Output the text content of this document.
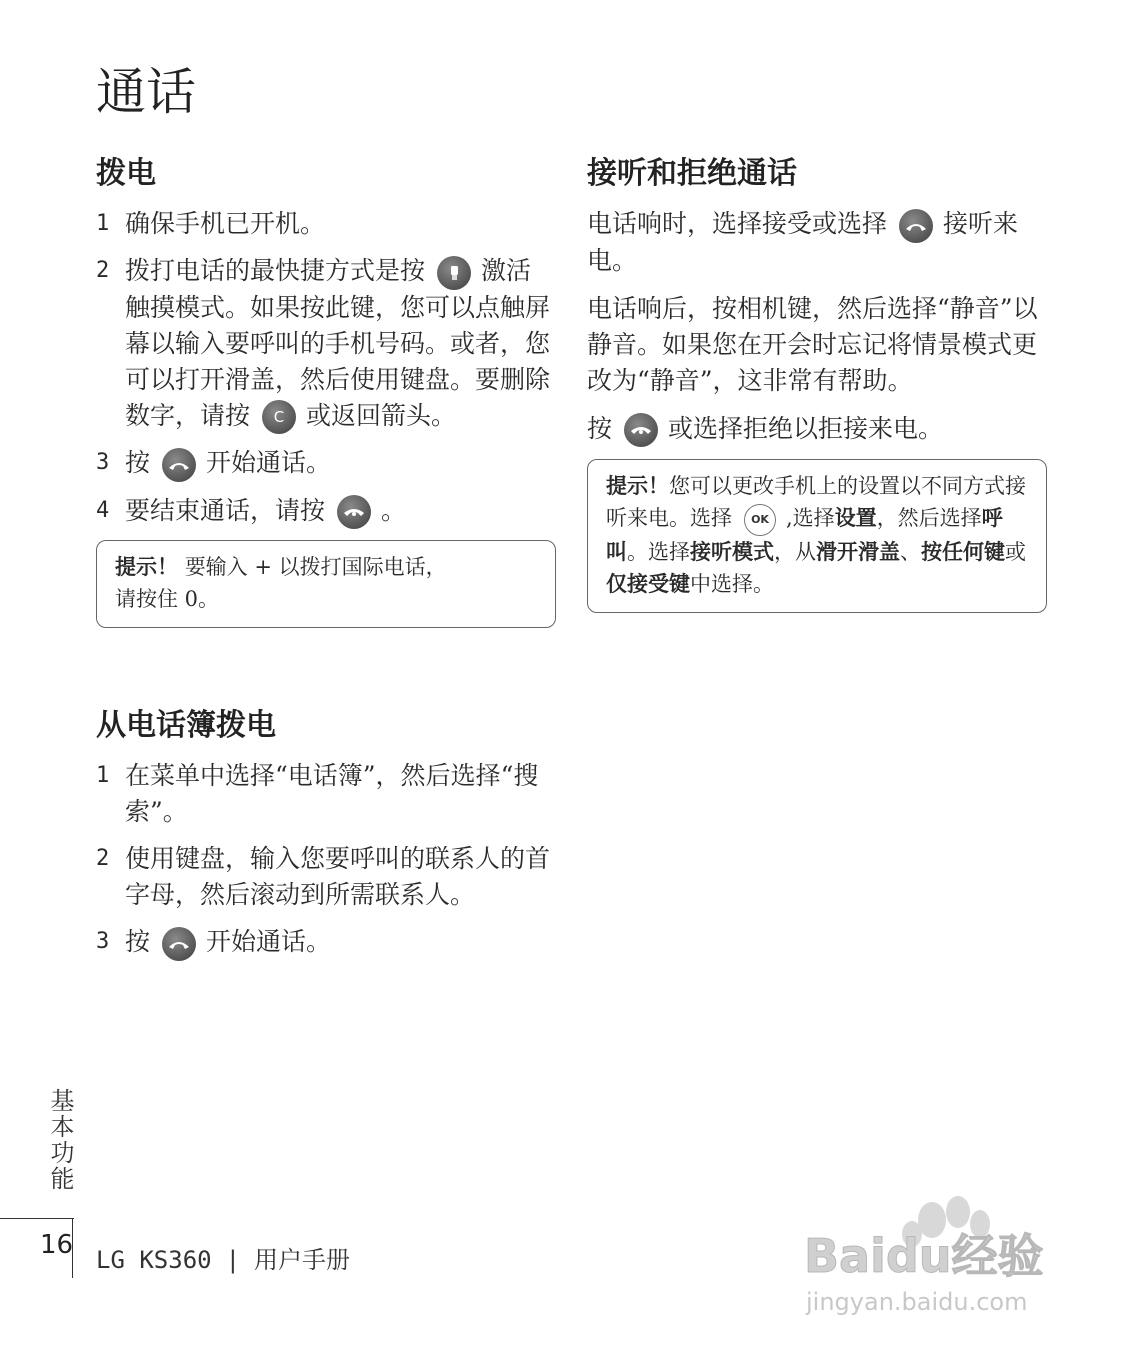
通话
拨电
1 确保手机已开机。
2 拨打电话的最快捷方式是按 激活触摸模式。如果按此键，您可以点触屏幕以输入要呼叫的手机号码。或者，您可以打开滑盖，然后使用键盘。要删除数字，请按 C 或返回箭头。
3 按 开始通话。
4 要结束通话，请按 。
提示！ 要输入 + 以拨打国际电话，
请按住 0。
从电话簿拨电
1 在菜单中选择“电话簿”，然后选择“搜索”。
2 使用键盘，输入您要呼叫的联系人的首字母，然后滚动到所需联系人。
3 按 开始通话。
接听和拒绝通话

电话响时，选择接受或选择 接听来电。

电话响后，按相机键，然后选择“静音”以静音。如果您在开会时忘记将情景模式更改为“静音”，这非常有帮助。

按 或选择拒绝以拒接来电。

提示！您可以更改手机上的设置以不同方式接听来电。选择 OK ,选择设置，然后选择呼叫。选择接听模式，从滑开滑盖、按任何键或仅接受键中选择。
基本功能
16 LG KS360 | 用户手册	Baidu经验
jingyan.baidu.com
